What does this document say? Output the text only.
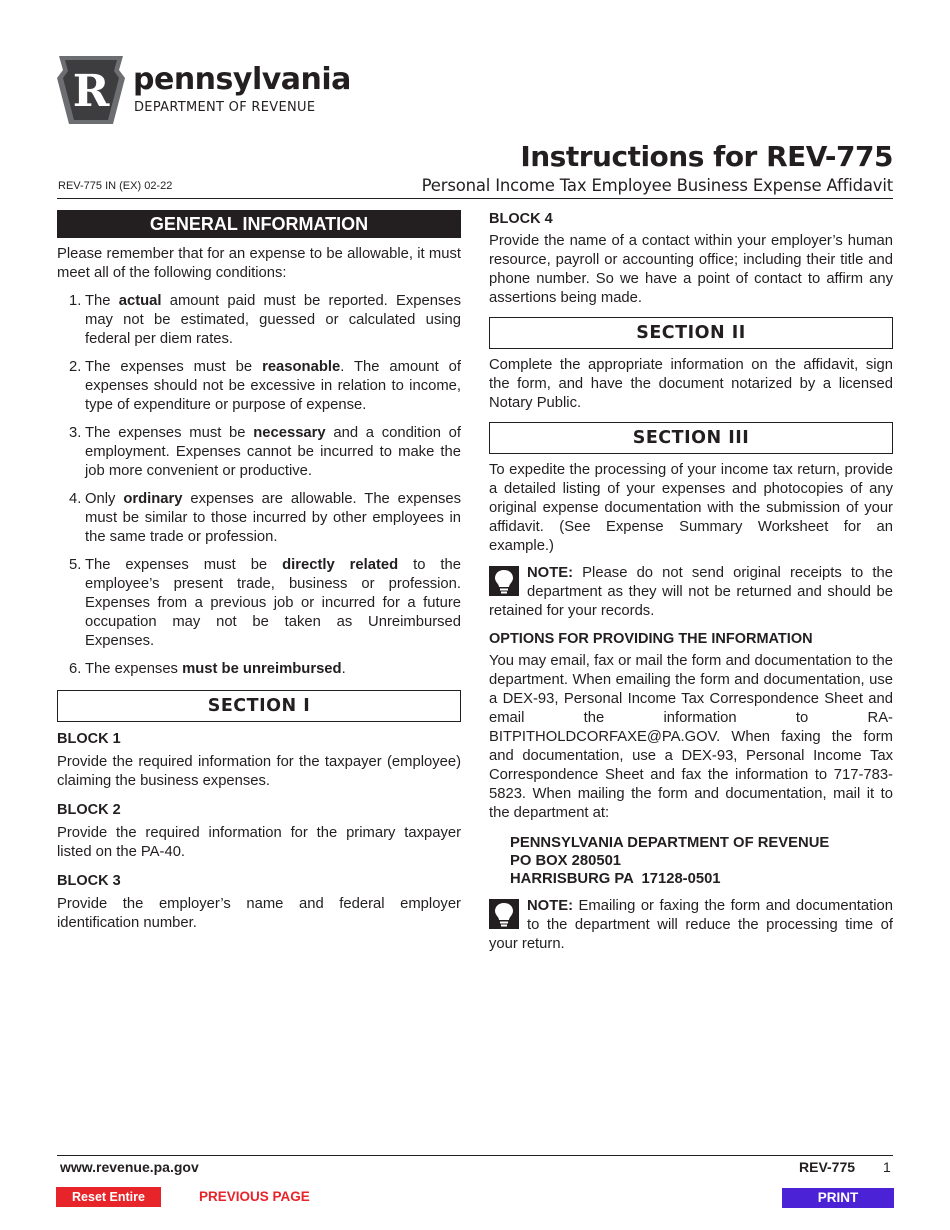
R pennsylvania
DEPARTMENT OF REVENUE
Instructions for REV-775
REV-775 IN (EX) 02-22	Personal Income Tax Employee Business Expense Affidavit
GENERAL INFORMATION

Please remember that for an expense to be allowable, it must meet all of the following conditions:

1. The actual amount paid must be reported. Expenses may not be estimated, guessed or calculated using federal per diem rates.
2. The expenses must be reasonable. The amount of expenses should not be excessive in relation to income, type of expenditure or purpose of expense.
3. The expenses must be necessary and a condition of employment. Expenses cannot be incurred to make the job more convenient or productive.
4. Only ordinary expenses are allowable. The expenses must be similar to those incurred by other employees in the same trade or profession.
5. The expenses must be directly related to the employee’s present trade, business or profession. Expenses from a previous job or incurred for a future occupation may not be taken as Unreimbursed Expenses.
6. The expenses must be unreimbursed.
SECTION I

BLOCK 1

Provide the required information for the taxpayer (employee) claiming the business expenses.

BLOCK 2

Provide the required information for the primary taxpayer listed on the PA-40.

BLOCK 3

Provide the employer’s name and federal employer identification number.

BLOCK 4

Provide the name of a contact within your employer’s human resource, payroll or accounting office; including their title and phone number. So we have a point of contact to affirm any assertions being made.

SECTION II

Complete the appropriate information on the affidavit, sign the form, and have the document notarized by a licensed Notary Public.

SECTION III

To expedite the processing of your income tax return, provide a detailed listing of your expenses and photocopies of any original expense documentation with the submission of your affidavit. (See Expense Summary Worksheet for an example.)

NOTE: Please do not send original receipts to the department as they will not be returned and should be retained for your records.

OPTIONS FOR PROVIDING THE INFORMATION

You may email, fax or mail the form and documentation to the department. When emailing the form and documentation, use a DEX-93, Personal Income Tax Correspondence Sheet and email the information to RA-BITPITHOLDCORFAXE@PA.GOV. When faxing the form and documentation, use a DEX-93, Personal Income Tax Correspondence Sheet and fax the information to 717-783-5823. When mailing the form and documentation, mail it to the department at:

PENNSYLVANIA DEPARTMENT OF REVENUE
PO BOX 280501
HARRISBURG PA  17128-0501
NOTE: Emailing or faxing the form and documentation to the department will reduce the processing time of your return.
www.revenue.pa.gov	REV-775 1
Reset Entire Form
PREVIOUS PAGE	PRINT
